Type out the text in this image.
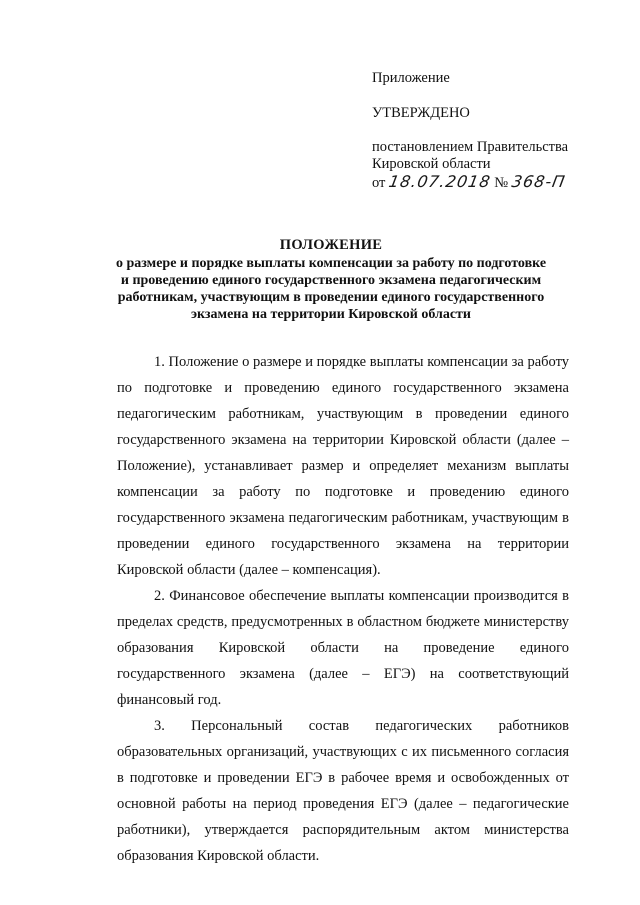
Приложение
УТВЕРЖДЕНО
постановлением Правительства
Кировской области
от 18.07.2018 № 368-П
ПОЛОЖЕНИЕ
о размере и порядке выплаты компенсации за работу по подготовке
и проведению единого государственного экзамена педагогическим
работникам, участвующим в проведении единого государственного
экзамена на территории Кировской области

1. Положение о размере и порядке выплаты компенсации за работу по подготовке и проведению единого государственного экзамена педагогическим работникам, участвующим в проведении единого государственного экзамена на территории Кировской области (далее – Положение), устанавливает размер и определяет механизм выплаты компенсации за работу по подготовке и проведению единого государственного экзамена педагогическим работникам, участвующим в проведении единого государственного экзамена на территории Кировской области (далее – компенсация).

2. Финансовое обеспечение выплаты компенсации производится в пределах средств, предусмотренных в областном бюджете министерству образования Кировской области на проведение единого государственного экзамена (далее – ЕГЭ) на соответствующий финансовый год.

3. Персональный состав педагогических работников образовательных организаций, участвующих с их письменного согласия в подготовке и проведении ЕГЭ в рабочее время и освобожденных от основной работы на период проведения ЕГЭ (далее – педагогические работники), утверждается распорядительным актом министерства образования Кировской области.
